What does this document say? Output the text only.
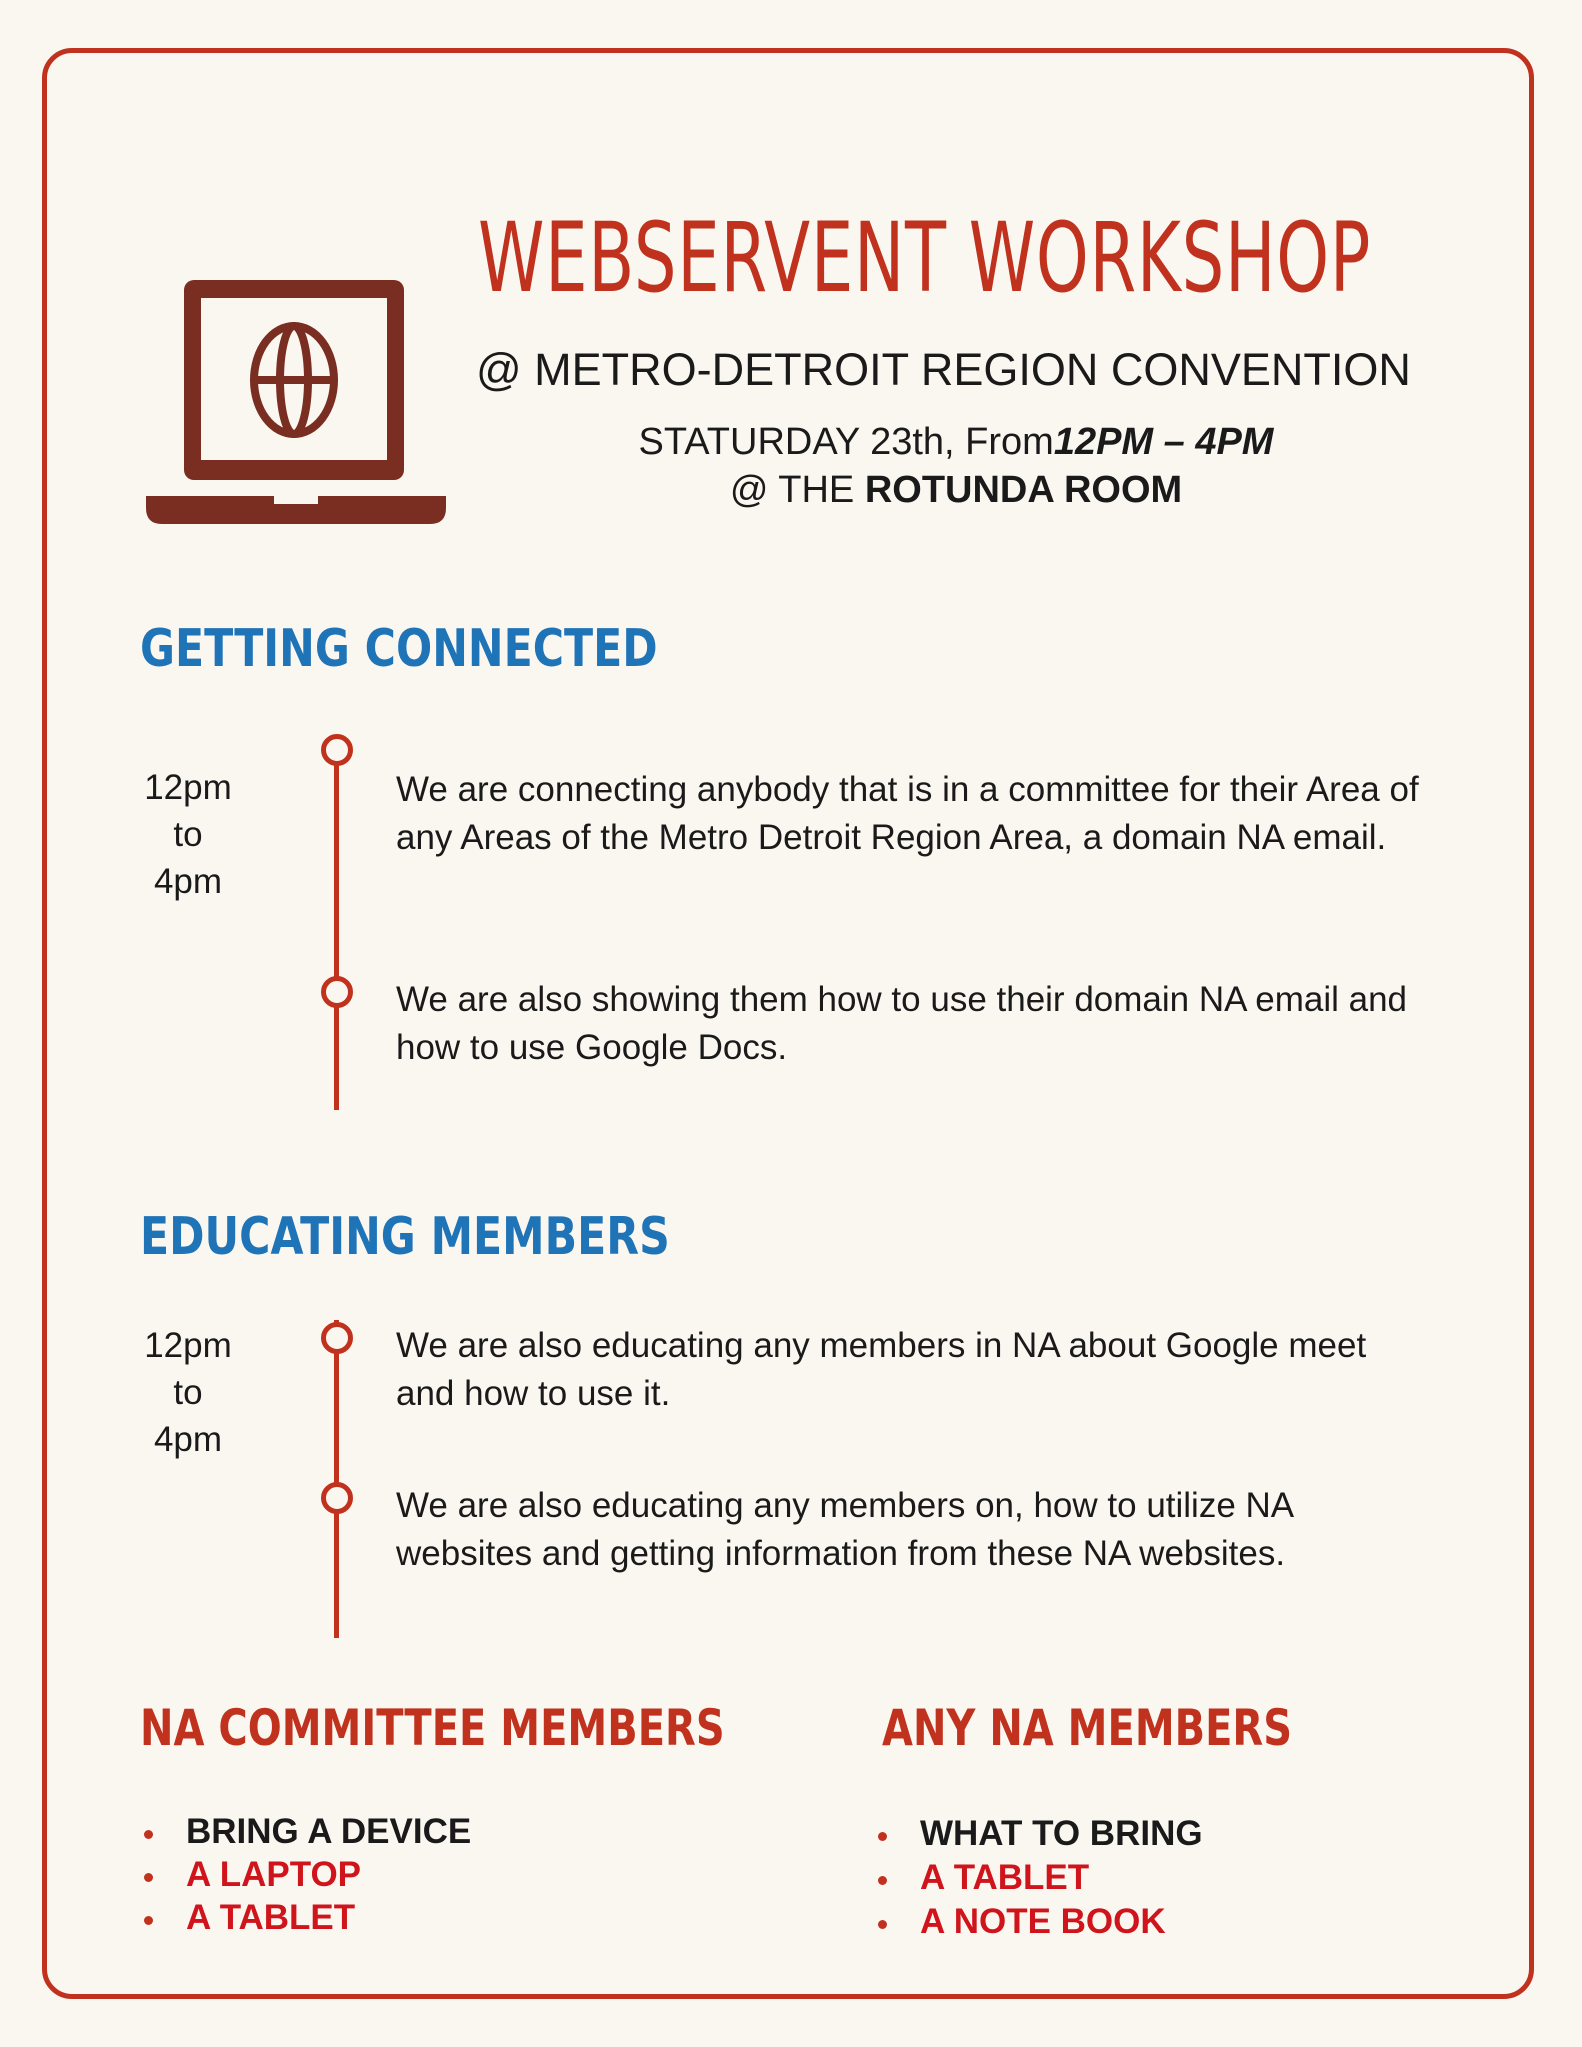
WEBSERVENT WORKSHOP
@ METRO-DETROIT REGION CONVENTION
STATURDAY 23th, From12PM – 4PM
@ THE ROTUNDA ROOM
GETTING CONNECTED
12pm
to
4pm
We are connecting anybody that is in a committee for their Area of any Areas of the Metro Detroit Region Area, a domain NA email.
We are also showing them how to use their domain NA email and how to use Google Docs.
EDUCATING MEMBERS
12pm
to
4pm
We are also educating any members in NA about Google meet and how to use it.
We are also educating any members on, how to utilize NA websites and getting information from these NA websites.
NA COMMITTEE MEMBERS
BRING A DEVICE
A LAPTOP
A TABLET
ANY NA MEMBERS
WHAT TO BRING
A TABLET
A NOTE BOOK
